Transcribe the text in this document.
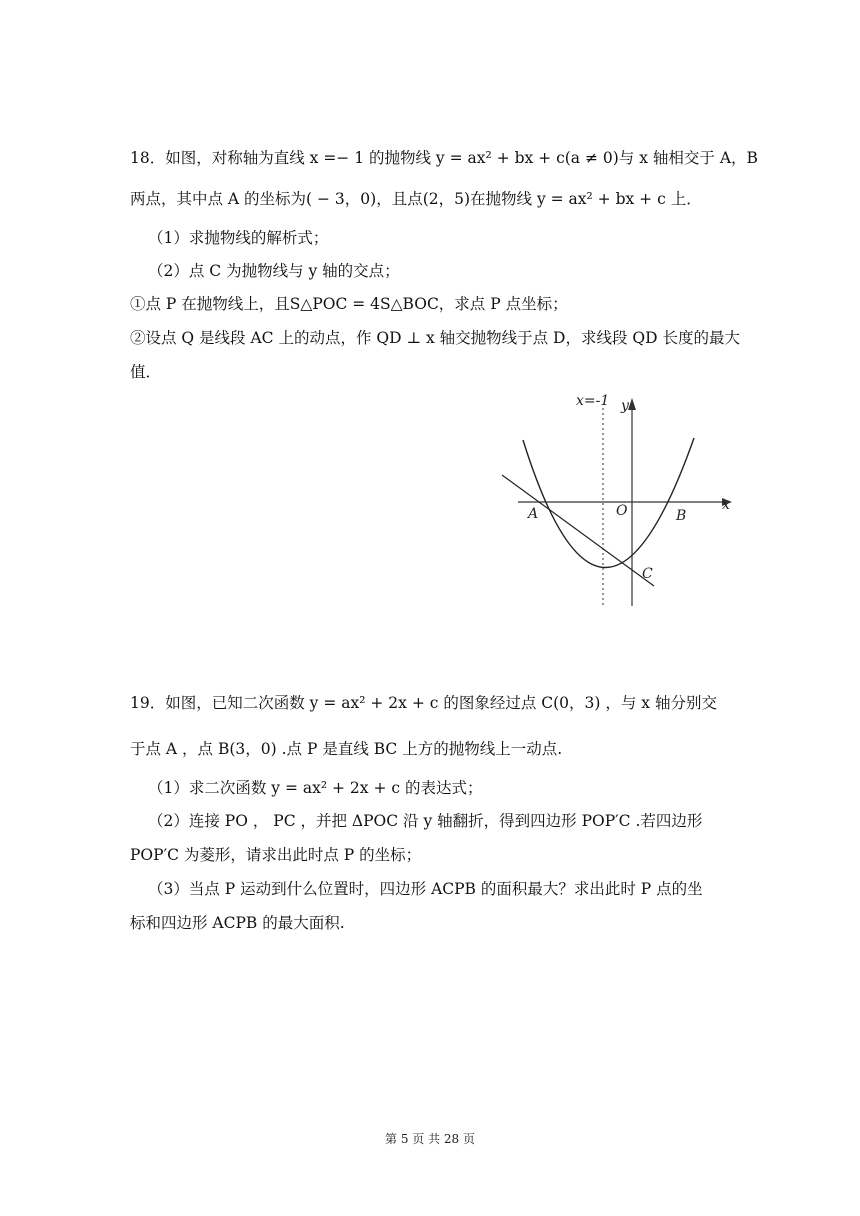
18．如图，对称轴为直线 x =− 1 的抛物线 y = ax² + bx + c(a ≠ 0)与 x 轴相交于 A，B
两点，其中点 A 的坐标为( − 3，0)，且点(2，5)在抛物线 y = ax² + bx + c 上．
（1）求抛物线的解析式；
（2）点 C 为抛物线与 y 轴的交点；
①点 P 在抛物线上，且S△POC = 4S△BOC，求点 P 点坐标；
②设点 Q 是线段 AC 上的动点，作 QD ⊥ x 轴交抛物线于点 D，求线段 QD 长度的最大
值．
x=-1 y
x
A	O	B
C
19．如图，已知二次函数 y = ax² + 2x + c 的图象经过点 C(0，3) ，与 x 轴分别交
于点 A ，点 B(3，0) .点 P 是直线 BC 上方的抛物线上一动点.
（1）求二次函数 y = ax² + 2x + c 的表达式；
（2）连接 PO ， PC ，并把 ΔPOC 沿 y 轴翻折，得到四边形 POP′C .若四边形
POP′C 为菱形，请求出此时点 P 的坐标；
（3）当点 P 运动到什么位置时，四边形 ACPB 的面积最大？求出此时 P 点的坐
标和四边形 ACPB 的最大面积.
第 5 页 共 28 页
